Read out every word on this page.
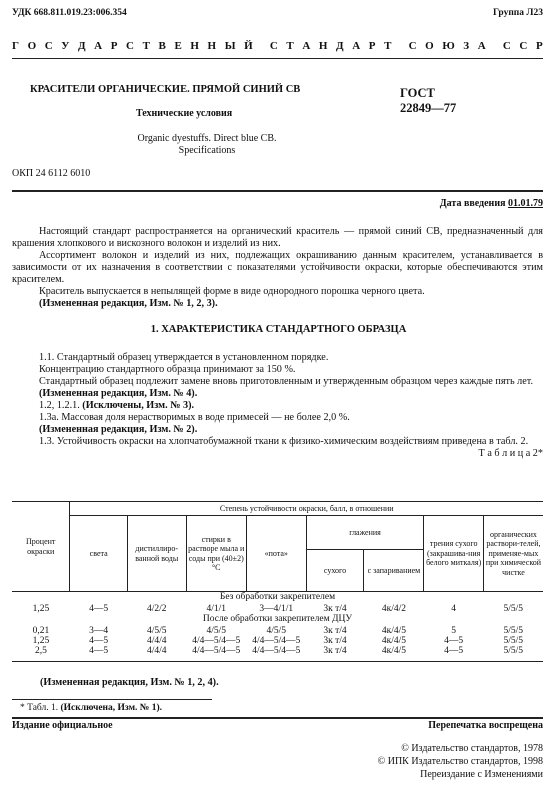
УДК 668.811.019.23:006.354	Группа Л23
Г О С У Д А Р С Т В Е Н Н Ы Й С Т А Н Д А Р Т С О Ю З А С С Р
КРАСИТЕЛИ ОРГАНИЧЕСКИЕ. ПРЯМОЙ СИНИЙ СВ
Технические условия
Organic dyestuffs. Direct blue CB.
Specifications
ГОСТ
22849—77
ОКП 24 6112 6010
Дата введения 01.01.79

Настоящий стандарт распространяется на органический краситель — прямой синий СВ, предназначенный для крашения хлопкового и вискозного волокон и изделий из них.

Ассортимент волокон и изделий из них, подлежащих окрашиванию данным красителем, устанавливается в зависимости от их назначения в соответствии с показателями устойчивости окраски, которые обеспечиваются этим красителем.

Краситель выпускается в непылящей форме в виде однородного порошка черного цвета.

(Измененная редакция, Изм. № 1, 2, 3).

1. ХАРАКТЕРИСТИКА СТАНДАРТНОГО ОБРАЗЦА

1.1. Стандартный образец утверждается в установленном порядке.

Концентрацию стандартного образца принимают за 150 %.

Стандартный образец подлежит замене вновь приготовленным и утвержденным образцом через каждые пять лет.

(Измененная редакция, Изм. № 4).

1.2, 1.2.1. (Исключены, Изм. № 3).

1.3а. Массовая доля нерастворимых в воде примесей — не более 2,0 %.

(Измененная редакция, Изм. № 2).

1.3. Устойчивость окраски на хлопчатобумажной ткани к физико-химическим воздействиям приведена в табл. 2.

Т а б л и ц а 2*

Процент окраски	Степень устойчивости окраски, балл, в отношении							
	света	дистиллиро-ванной воды	стирки в растворе мыла и соды при (40±2) °С	«пота»	глажения		трения сухого (закрашива-ния белого миткаля)	органических раствори-телей, применяе-мых при химической чистке
					сухого	с запариванием		
Без обработки закрепителем								
1,25	4—5	4/2/2	4/1/1	3—4/1/1	3к т/4	4к/4/2	4	5/5/5
После обработки закрепителем ДЦУ								
0,21	3—4	4/5/5	4/5/5	4/5/5	3к т/4	4к/4/5	5	5/5/5
1,25	4—5	4/4/4	4/4—5/4—5	4/4—5/4—5	3к т/4	4к/4/5	4—5	5/5/5
2,5	4—5	4/4/4	4/4—5/4—5	4/4—5/4—5	3к т/4	4к/4/5	4—5	5/5/5

(Измененная редакция, Изм. № 1, 2, 4).
* Табл. 1. (Исключена, Изм. № 1).
Издание официальное	Перепечатка воспрещена
© Издательство стандартов, 1978
© ИПК Издательство стандартов, 1998
Переиздание с Изменениями
